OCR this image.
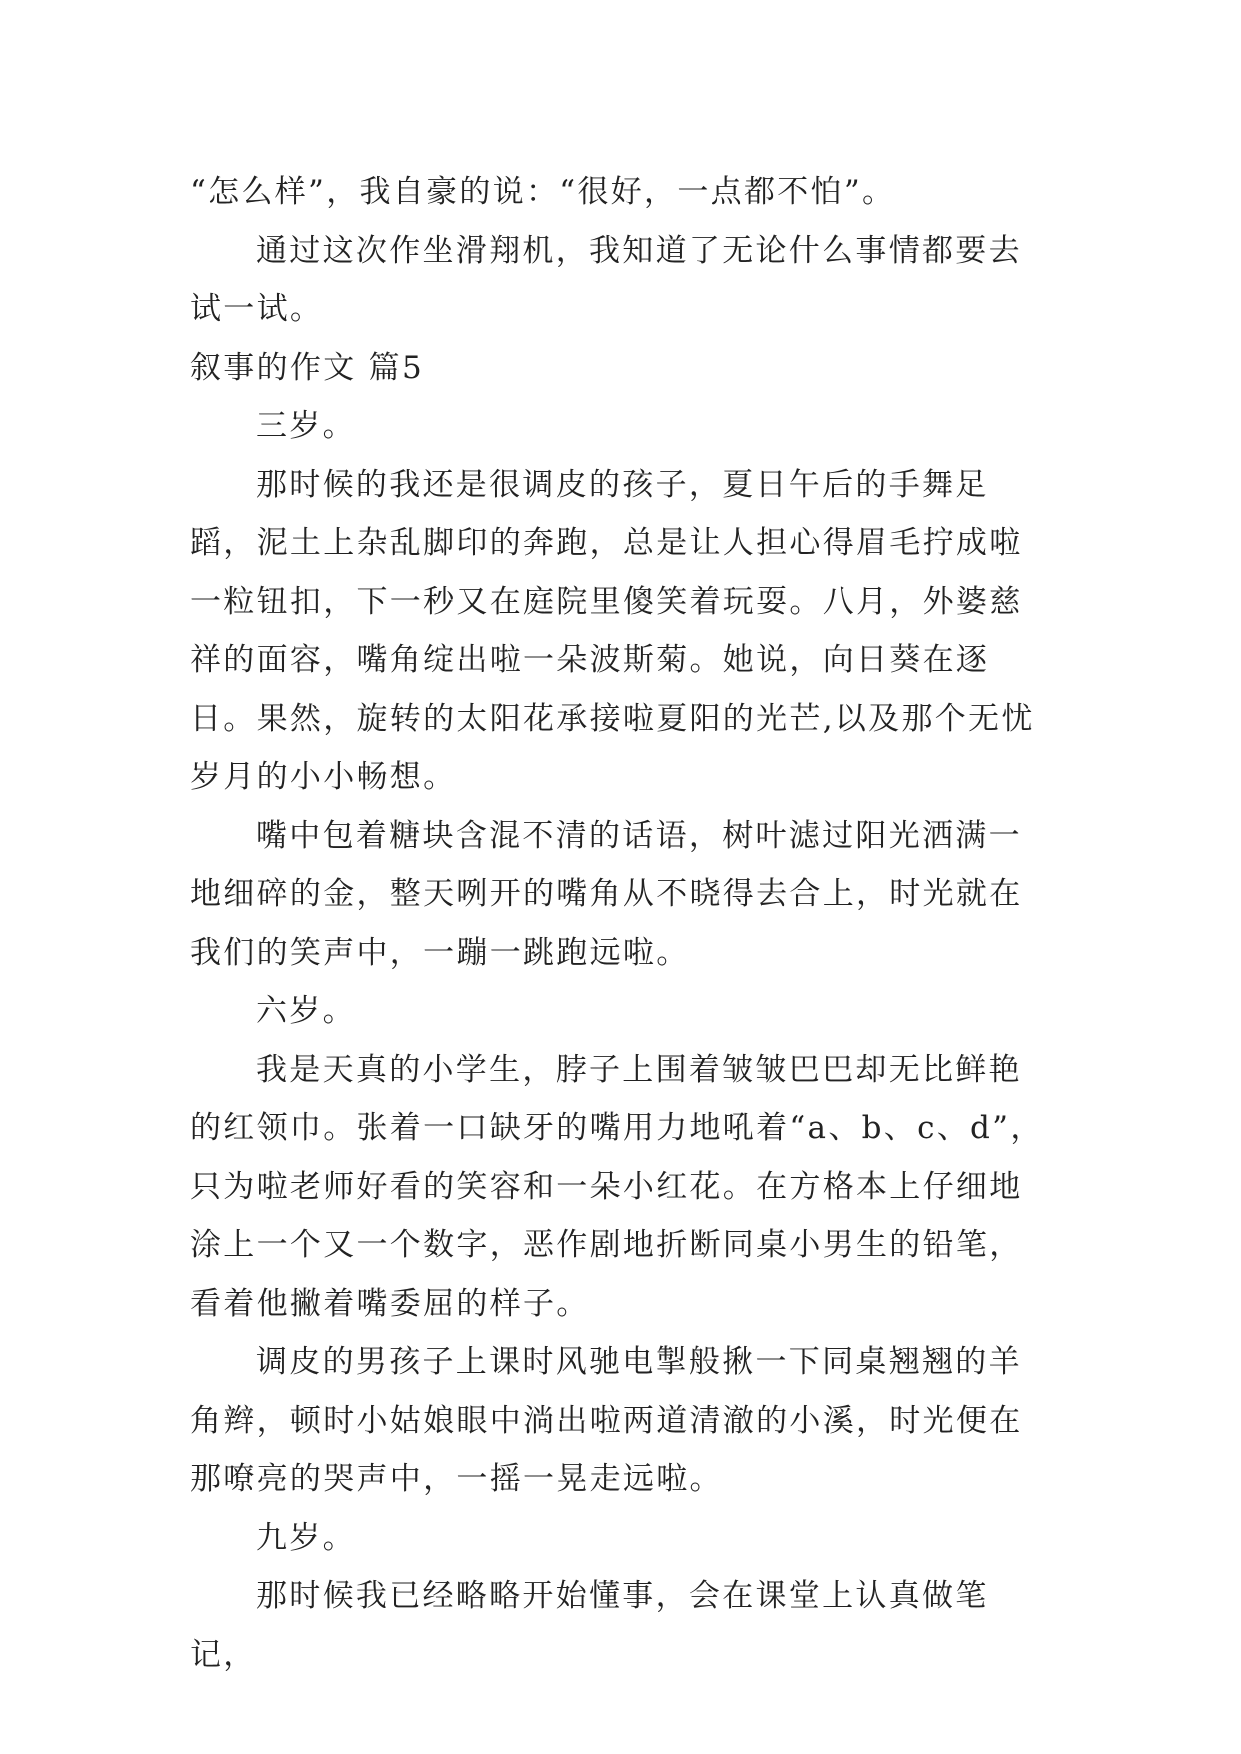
“怎么样”，我自豪的说：“很好，一点都不怕”。

通过这次作坐滑翔机，我知道了无论什么事情都要去试一试。

叙事的作文 篇5

三岁。

那时候的我还是很调皮的孩子，夏日午后的手舞足蹈，泥土上杂乱脚印的奔跑，总是让人担心得眉毛拧成啦一粒钮扣，下一秒又在庭院里傻笑着玩耍。八月，外婆慈祥的面容，嘴角绽出啦一朵波斯菊。她说，向日葵在逐日。果然，旋转的太阳花承接啦夏阳的光芒,以及那个无忧岁月的小小畅想。

嘴中包着糖块含混不清的话语，树叶滤过阳光洒满一地细碎的金，整天咧开的嘴角从不晓得去合上，时光就在我们的笑声中，一蹦一跳跑远啦。

六岁。

我是天真的小学生，脖子上围着皱皱巴巴却无比鲜艳的红领巾。张着一口缺牙的嘴用力地吼着“a、b、c、d”，只为啦老师好看的笑容和一朵小红花。在方格本上仔细地涂上一个又一个数字，恶作剧地折断同桌小男生的铅笔，看着他撇着嘴委屈的样子。

调皮的男孩子上课时风驰电掣般揪一下同桌翘翘的羊角辫，顿时小姑娘眼中淌出啦两道清澈的小溪，时光便在那嘹亮的哭声中，一摇一晃走远啦。

九岁。

那时候我已经略略开始懂事，会在课堂上认真做笔记，
